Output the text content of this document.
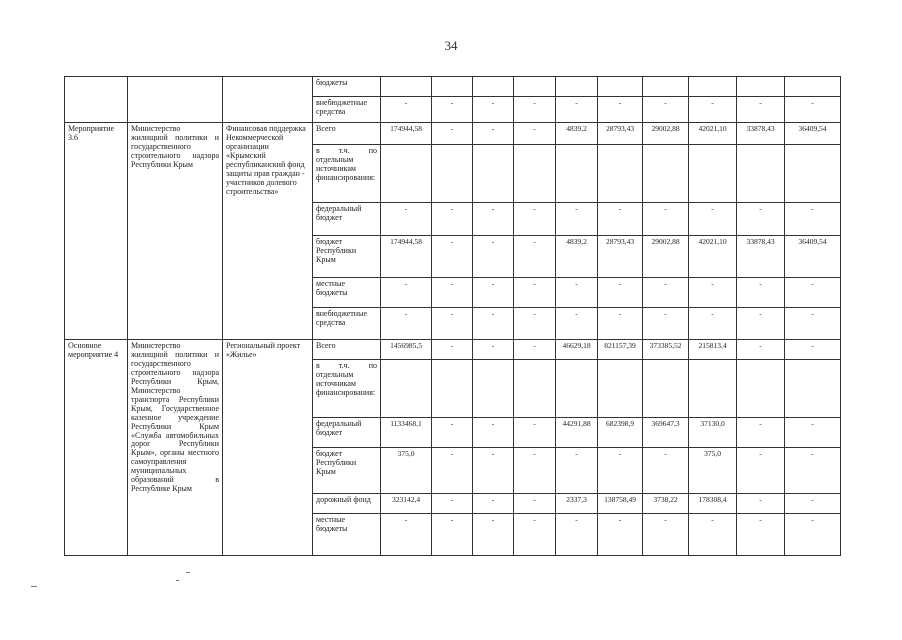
34
			бюджеты										
			внебюджетные средства	-	-	-	-	-	-	-	-	-	-
Мероприятие 3.6	Министерство жилищной политики и государственного строительного надзора Республики Крым	Финансовая поддержка Некоммерческой организации «Крымский республиканский фонд защиты прав граждан - участников долевого строительства»	Всего	174944,58	-	-	-	4839,2	28793,43	29002,88	42021,10	33878,43	36409,54
			в т.ч. по отдельным источникам финансирования:										
			федеральный бюджет	-	-	-	-	-	-	-	-	-	-
			бюджет Республики Крым	174944,58	-	-	-	4839,2	28793,43	29002,88	42021,10	33878,43	36409,54
			местные бюджеты	-	-	-	-	-	-	-	-	-	-
			внебюджетные средства	-	-	-	-	-	-	-	-	-	-
Основное мероприятие 4	Министерство жилищной политики и государственного строительного надзора Республики Крым, Министерство транспорта Республики Крым, Государственное казенное учреждение Республики Крым «Служба автомобильных дорог Республики Крым», органы местного самоуправления муниципальных образований в Республике Крым	Региональный проект «Жилье»	Всего	1456985,5	-	-	-	46629,18	821157,39	373385,52	215813,4	-	-
			в т.ч. по отдельным источникам финансирования:										
			федеральный бюджет	1133468,1	-	-	-	44291,88	682398,9	369647,3	37130,0	-	-
			бюджет Республики Крым	375,0	-	-	-	-	-	-	375,0	-	-
			дорожный фонд	323142,4	-	-	-	2337,3	138758,49	3738,22	178308,4	-	-
			местные бюджеты	-	-	-	-	-	-	-	-	-	-
